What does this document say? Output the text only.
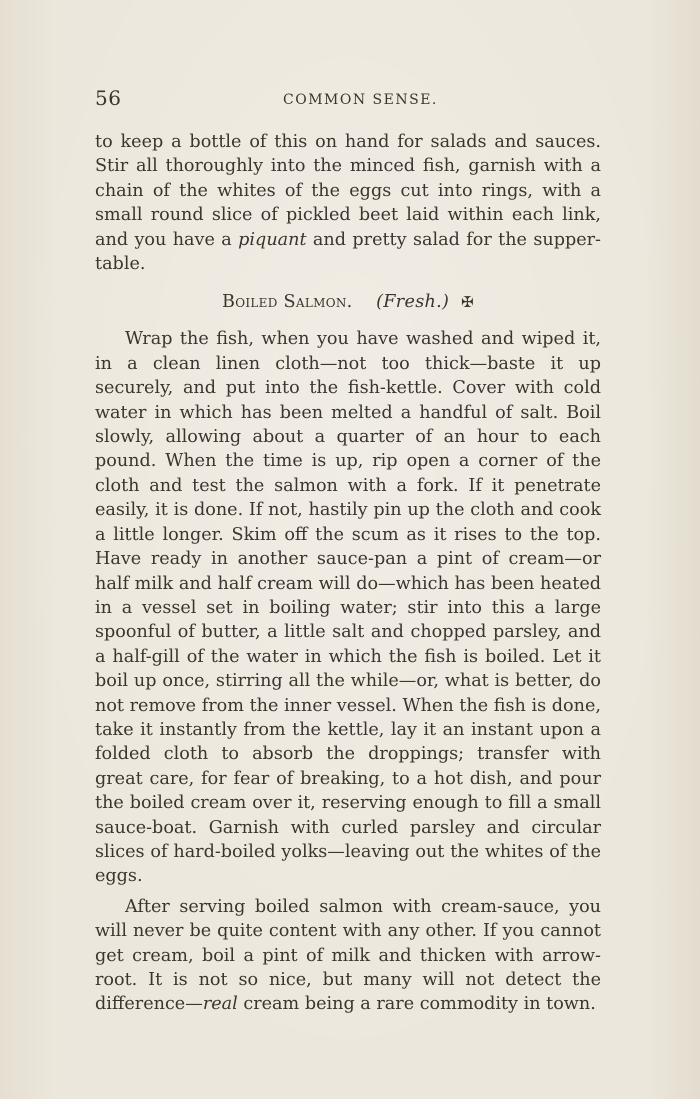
56	COMMON SENSE.

to keep a bottle of this on hand for salads and sauces. Stir all thoroughly into the minced fish, garnish with a chain of the whites of the eggs cut into rings, with a small round slice of pickled beet laid within each link, and you have a piquant and pretty salad for the supper-table.

Boiled Salmon. (Fresh.) ✠

Wrap the fish, when you have washed and wiped it, in a clean linen cloth—not too thick—baste it up securely, and put into the fish-kettle. Cover with cold water in which has been melted a handful of salt. Boil slowly, allowing about a quarter of an hour to each pound. When the time is up, rip open a corner of the cloth and test the salmon with a fork. If it penetrate easily, it is done. If not, hastily pin up the cloth and cook a little longer. Skim off the scum as it rises to the top. Have ready in another sauce-pan a pint of cream—or half milk and half cream will do—which has been heated in a vessel set in boiling water; stir into this a large spoonful of butter, a little salt and chopped parsley, and a half-gill of the water in which the fish is boiled. Let it boil up once, stirring all the while—or, what is better, do not remove from the inner vessel. When the fish is done, take it instantly from the kettle, lay it an instant upon a folded cloth to absorb the droppings; transfer with great care, for fear of breaking, to a hot dish, and pour the boiled cream over it, reserving enough to fill a small sauce-boat. Garnish with curled parsley and circular slices of hard-boiled yolks—leaving out the whites of the eggs.

After serving boiled salmon with cream-sauce, you will never be quite content with any other. If you cannot get cream, boil a pint of milk and thicken with arrow-root. It is not so nice, but many will not detect the difference—real cream being a rare commodity in town.
